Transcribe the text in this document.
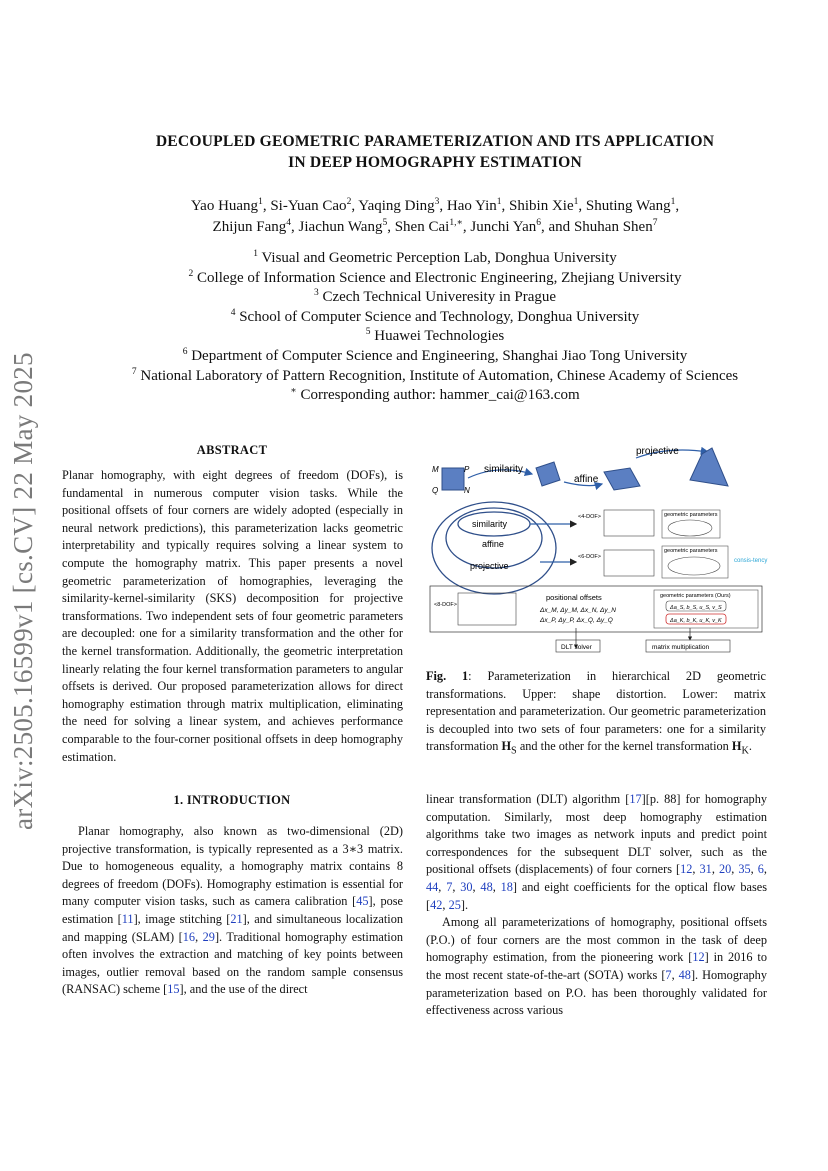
arXiv:2505.16599v1 [cs.CV] 22 May 2025
DECOUPLED GEOMETRIC PARAMETERIZATION AND ITS APPLICATION
IN DEEP HOMOGRAPHY ESTIMATION
Yao Huang$^1$, Si-Yuan Cao$^2$, Yaqing Ding$^3$, Hao Yin$^1$, Shibin Xie$^1$, Shuting Wang$^1$,
Zhijun Fang$^4$, Jiachun Wang$^5$, Shen Cai$^{1,∗}$, Junchi Yan$^6$, and Shuhan Shen$^7$
$^1$ Visual and Geometric Perception Lab, Donghua University
$^2$ College of Information Science and Electronic Engineering, Zhejiang University
$^3$ Czech Technical Univeresity in Prague
$^4$ School of Computer Science and Technology, Donghua University
$^5$ Huawei Technologies
$^6$ Department of Computer Science and Engineering, Shanghai Jiao Tong University
$^7$ National Laboratory of Pattern Recognition, Institute of Automation, Chinese Academy of Sciences
∗ Corresponding author: hammer_cai@163.com
ABSTRACT

Planar homography, with eight degrees of freedom (DOFs), is fundamental in numerous computer vision tasks. While the positional offsets of four corners are widely adopted (especially in neural network predictions), this parameterization lacks geometric interpretability and typically requires solving a linear system to compute the homography matrix. This paper presents a novel geometric parameterization of homographies, leveraging the similarity-kernel-similarity (SKS) decomposition for projective transformations. Two independent sets of four geometric parameters are decoupled: one for a similarity transformation and the other for the kernel transformation. Additionally, the geometric interpretation linearly relating the four kernel transformation parameters to angular offsets is derived. Our proposed parameterization allows for direct homography estimation through matrix multiplication, eliminating the need for solving a linear system, and achieves performance comparable to the four-corner positional offsets in deep homography estimation.

1. INTRODUCTION

Planar homography, also known as two-dimensional (2D) projective transformation, is typically represented as a 3∗3 matrix. Due to homogeneous equality, a homography matrix contains 8 degrees of freedom (DOFs). Homography estimation is essential for many computer vision tasks, such as camera calibration [45], pose estimation [11], image stitching [21], and simultaneous localization and mapping (SLAM) [16, 29]. Traditional homography estimation often involves the extraction and matching of key points between images, outlier removal based on the random sample consensus (RANSAC) scheme [15], and the use of the direct

linear transformation (DLT) algorithm [17][p. 88] for homography computation. Similarly, most deep homography estimation algorithms take two images as network inputs and predict point correspondences for the subsequent DLT solver, such as the positional offsets (displacements) of four corners [12, 31, 20, 35, 6, 44, 7, 30, 48, 18] and eight coefficients for the optical flow bases [42, 25].

Among all parameterizations of homography, positional offsets (P.O.) of four corners are the most common in the task of deep homography estimation, from the pioneering work [12] in 2016 to the most recent state-of-the-art (SOTA) works [7, 48]. Homography parameterization based on P.O. has been thoroughly validated for effectiveness across various

M	P
Q	N
similarity
affine
projective
similarity
affine
projective
<4-DOF>	geometric parameters
<6-DOF>
geometric parameters
consis-tency
<8-DOF>
positional offsets
Δx_M, Δy_M, Δx_N, Δy_N
Δx_P, Δy_P, Δx_Q, Δy_Q
geometric parameters (Ours)
Δa_S, b_S, u_S, v_S
Δa_K, b_K, u_K, v_K
DLT solver	matrix multiplication
Fig. 1: Parameterization in hierarchical 2D geometric transformations. Upper: shape distortion. Lower: matrix representation and parameterization. Our geometric parameterization is decoupled into two sets of four parameters: one for a similarity transformation $H_S$ and the other for the kernel transformation $H_K$.
